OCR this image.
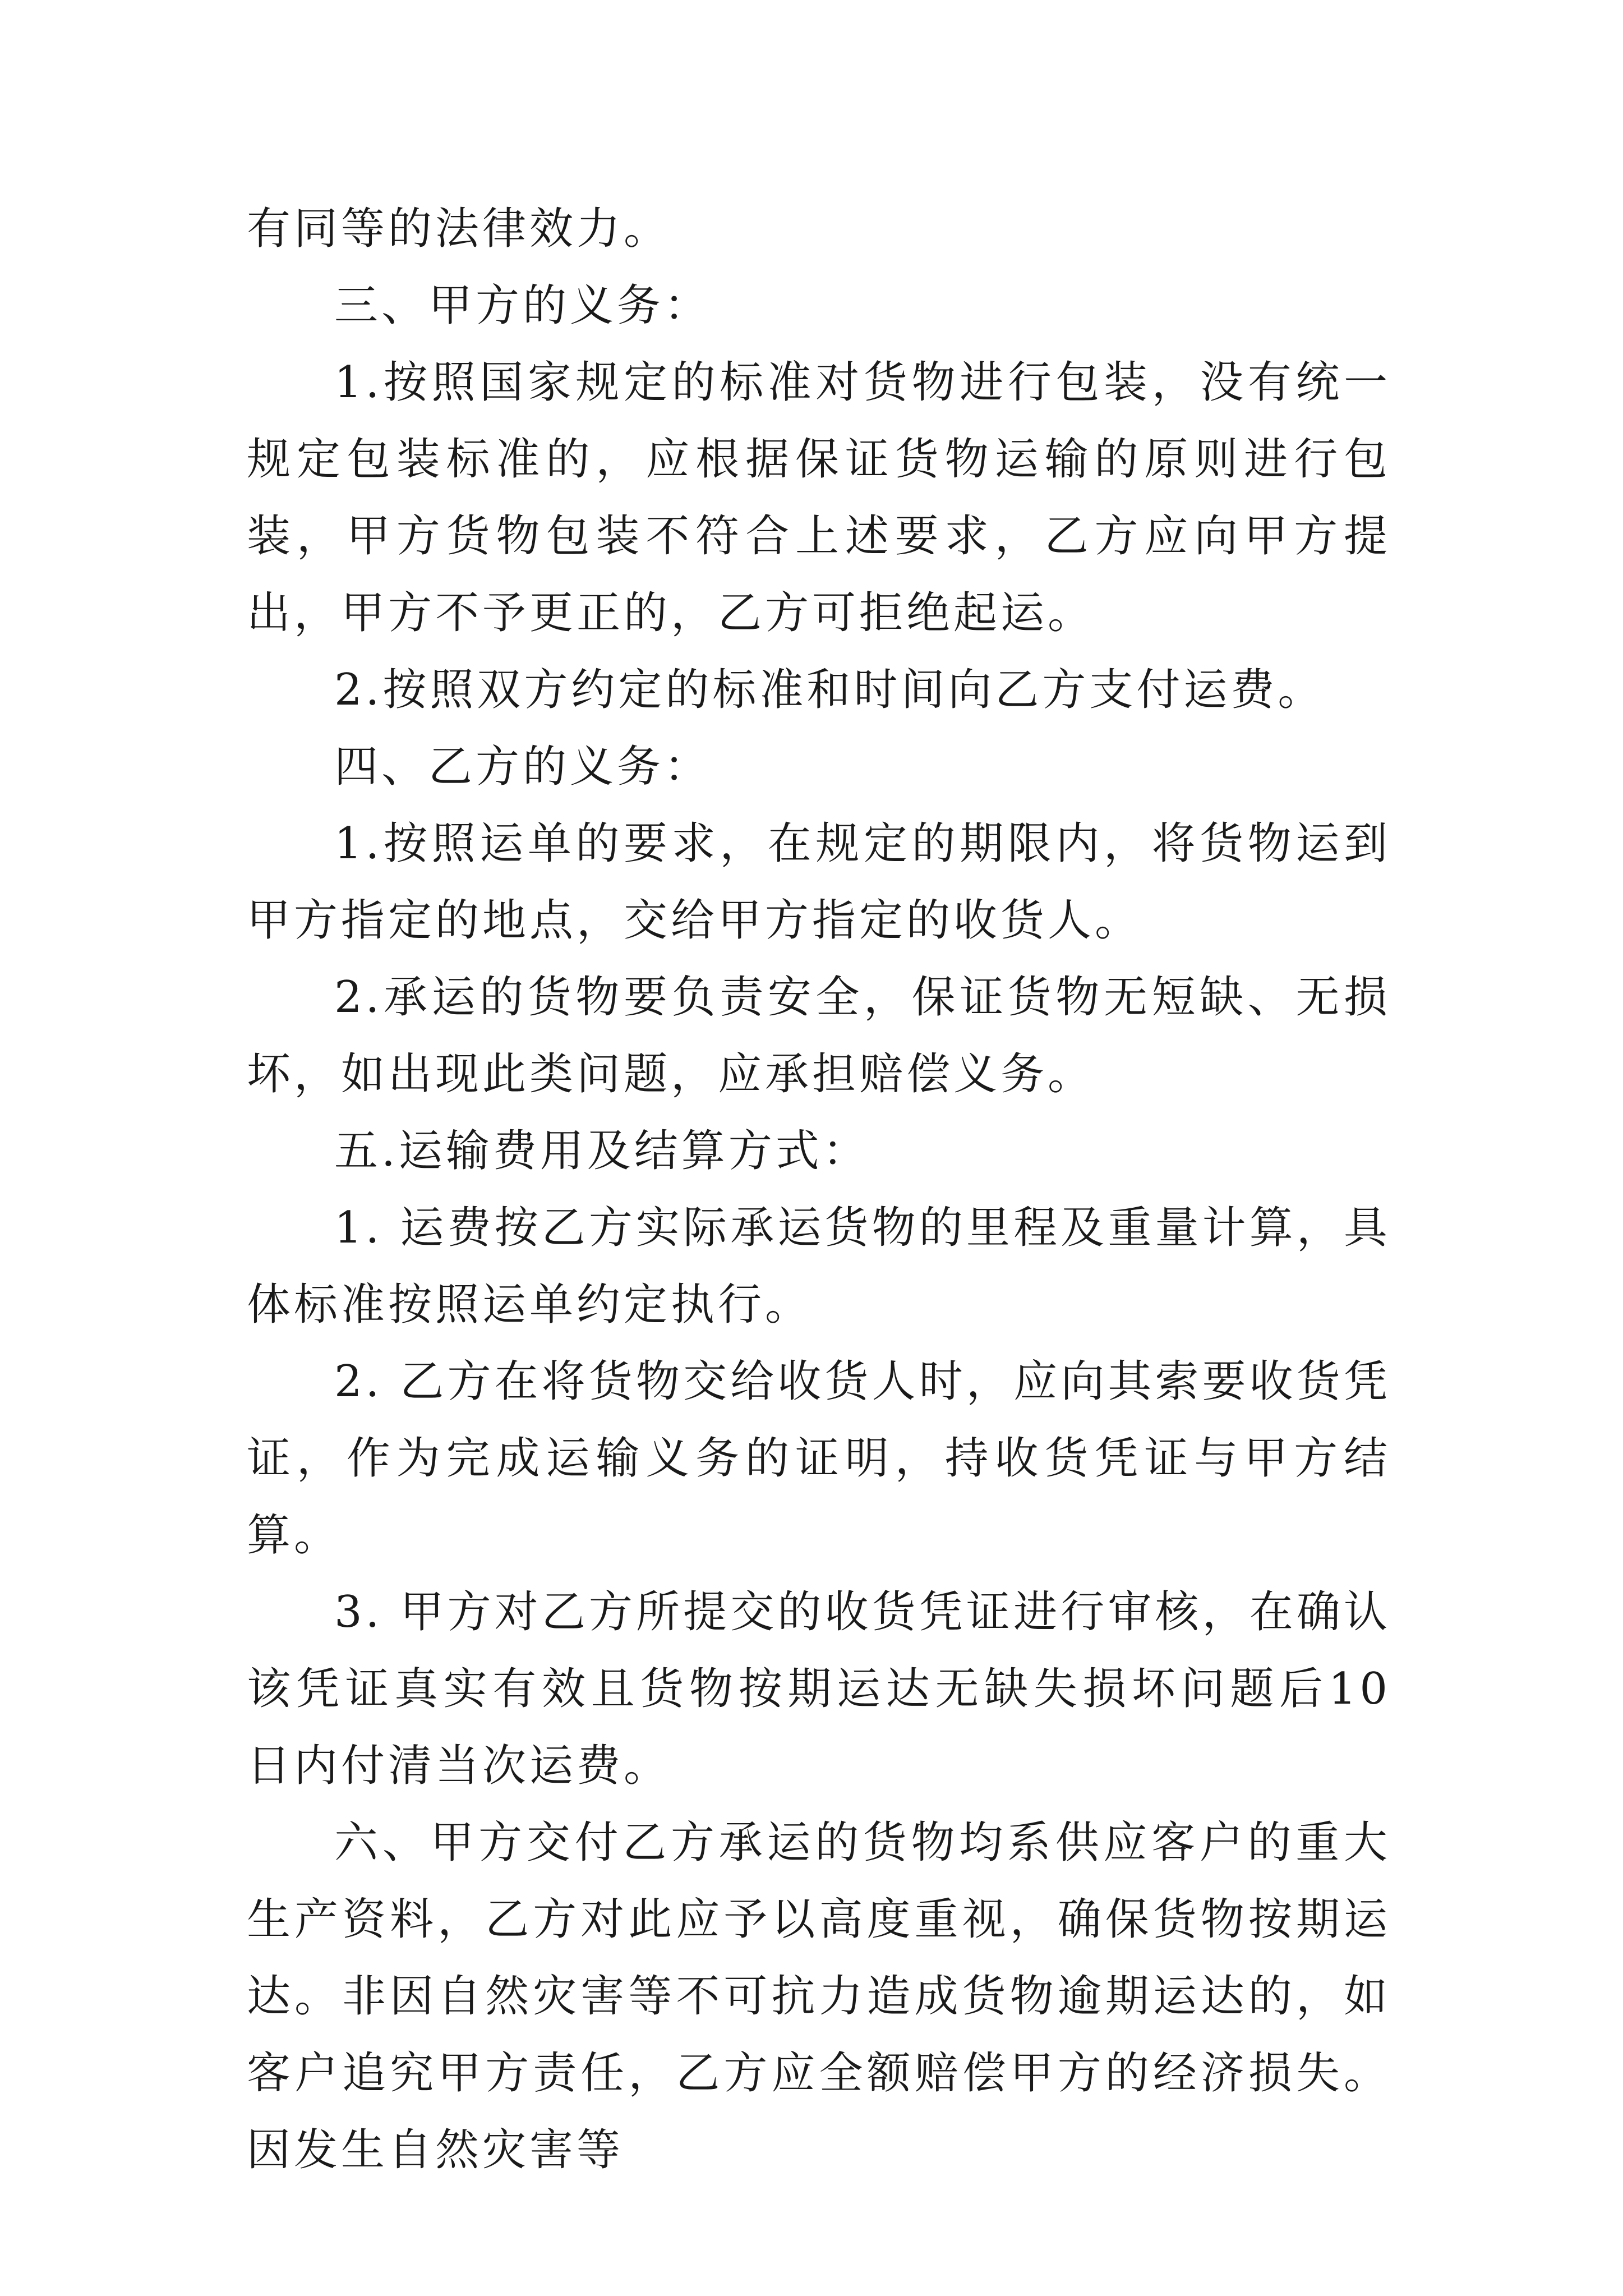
有同等的法律效力。

三、甲方的义务：

1.按照国家规定的标准对货物进行包装，没有统一规定包装标准的，应根据保证货物运输的原则进行包装，甲方货物包装不符合上述要求，乙方应向甲方提出，甲方不予更正的，乙方可拒绝起运。

2.按照双方约定的标准和时间向乙方支付运费。

四、乙方的义务：

1.按照运单的要求，在规定的期限内，将货物运到甲方指定的地点，交给甲方指定的收货人。

2.承运的货物要负责安全，保证货物无短缺、无损坏，如出现此类问题，应承担赔偿义务。

五.运输费用及结算方式：

1. 运费按乙方实际承运货物的里程及重量计算，具体标准按照运单约定执行。

2. 乙方在将货物交给收货人时，应向其索要收货凭证，作为完成运输义务的证明，持收货凭证与甲方结算。

3. 甲方对乙方所提交的收货凭证进行审核，在确认该凭证真实有效且货物按期运达无缺失损坏问题后10日内付清当次运费。

六、甲方交付乙方承运的货物均系供应客户的重大生产资料，乙方对此应予以高度重视，确保货物按期运达。非因自然灾害等不可抗力造成货物逾期运达的，如客户追究甲方责任，乙方应全额赔偿甲方的经济损失。因发生自然灾害等
